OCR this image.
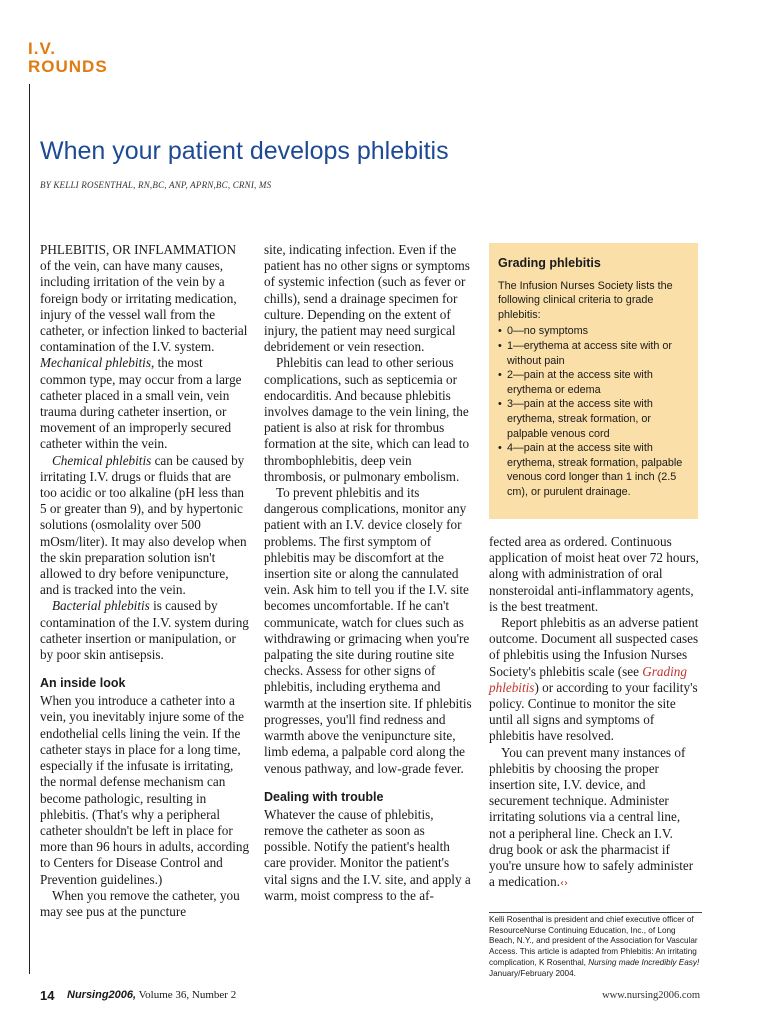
I.V.
ROUNDS
When your patient develops phlebitis
BY KELLI ROSENTHAL, RN,BC, ANP, APRN,BC, CRNI, MS

PHLEBITIS, OR INFLAMMATION of the vein, can have many causes, including irritation of the vein by a foreign body or irritating medication, injury of the vessel wall from the catheter, or infection linked to bacterial contamination of the I.V. system. Mechanical phlebitis, the most common type, may occur from a large catheter placed in a small vein, vein trauma during catheter insertion, or movement of an improperly secured catheter within the vein.

Chemical phlebitis can be caused by irritating I.V. drugs or fluids that are too acidic or too alkaline (pH less than 5 or greater than 9), and by hypertonic solutions (osmolality over 500 mOsm/liter). It may also develop when the skin preparation solution isn't allowed to dry before venipuncture, and is tracked into the vein.

Bacterial phlebitis is caused by contamination of the I.V. system during catheter insertion or manipulation, or by poor skin antisepsis.

An inside look

When you introduce a catheter into a vein, you inevitably injure some of the endothelial cells lining the vein. If the catheter stays in place for a long time, especially if the infusate is irritating, the normal defense mechanism can become pathologic, resulting in phlebitis. (That's why a peripheral catheter shouldn't be left in place for more than 96 hours in adults, according to Centers for Disease Control and Prevention guidelines.)

When you remove the catheter, you may see pus at the puncture

site, indicating infection. Even if the patient has no other signs or symptoms of systemic infection (such as fever or chills), send a drainage specimen for culture. Depending on the extent of injury, the patient may need surgical debridement or vein resection.

Phlebitis can lead to other serious complications, such as septicemia or endocarditis. And because phlebitis involves damage to the vein lining, the patient is also at risk for thrombus formation at the site, which can lead to thrombophlebitis, deep vein thrombosis, or pulmonary embolism.

To prevent phlebitis and its dangerous complications, monitor any patient with an I.V. device closely for problems. The first symptom of phlebitis may be discomfort at the insertion site or along the cannulated vein. Ask him to tell you if the I.V. site becomes uncomfortable. If he can't communicate, watch for clues such as withdrawing or grimacing when you're palpating the site during routine site checks. Assess for other signs of phlebitis, including erythema and warmth at the insertion site. If phlebitis progresses, you'll find redness and warmth above the venipuncture site, limb edema, a palpable cord along the venous pathway, and low-grade fever.

Dealing with trouble

Whatever the cause of phlebitis, remove the catheter as soon as possible. Notify the patient's health care provider. Monitor the patient's vital signs and the I.V. site, and apply a warm, moist compress to the af-

Grading phlebitis

The Infusion Nurses Society lists the following clinical criteria to grade phlebitis:

• 0—no symptoms
• 1—erythema at access site with or without pain
• 2—pain at the access site with erythema or edema
• 3—pain at the access site with erythema, streak formation, or palpable venous cord
• 4—pain at the access site with erythema, streak formation, palpable venous cord longer than 1 inch (2.5 cm), or purulent drainage.

fected area as ordered. Continuous application of moist heat over 72 hours, along with administration of oral nonsteroidal anti-inflammatory agents, is the best treatment.

Report phlebitis as an adverse patient outcome. Document all suspected cases of phlebitis using the Infusion Nurses Society's phlebitis scale (see Grading phlebitis) or according to your facility's policy. Continue to monitor the site until all signs and symptoms of phlebitis have resolved.

You can prevent many instances of phlebitis by choosing the proper insertion site, I.V. device, and securement technique. Administer irritating solutions via a central line, not a peripheral line. Check an I.V. drug book or ask the pharmacist if you're unsure how to safely administer a medication.‹›

Kelli Rosenthal is president and chief executive officer of ResourceNurse Continuing Education, Inc., of Long Beach, N.Y., and president of the Association for Vascular Access. This article is adapted from Phlebitis: An irritating complication, K Rosenthal, Nursing made Incredibly Easy! January/February 2004.
14 Nursing2006, Volume 36, Number 2	www.nursing2006.com
